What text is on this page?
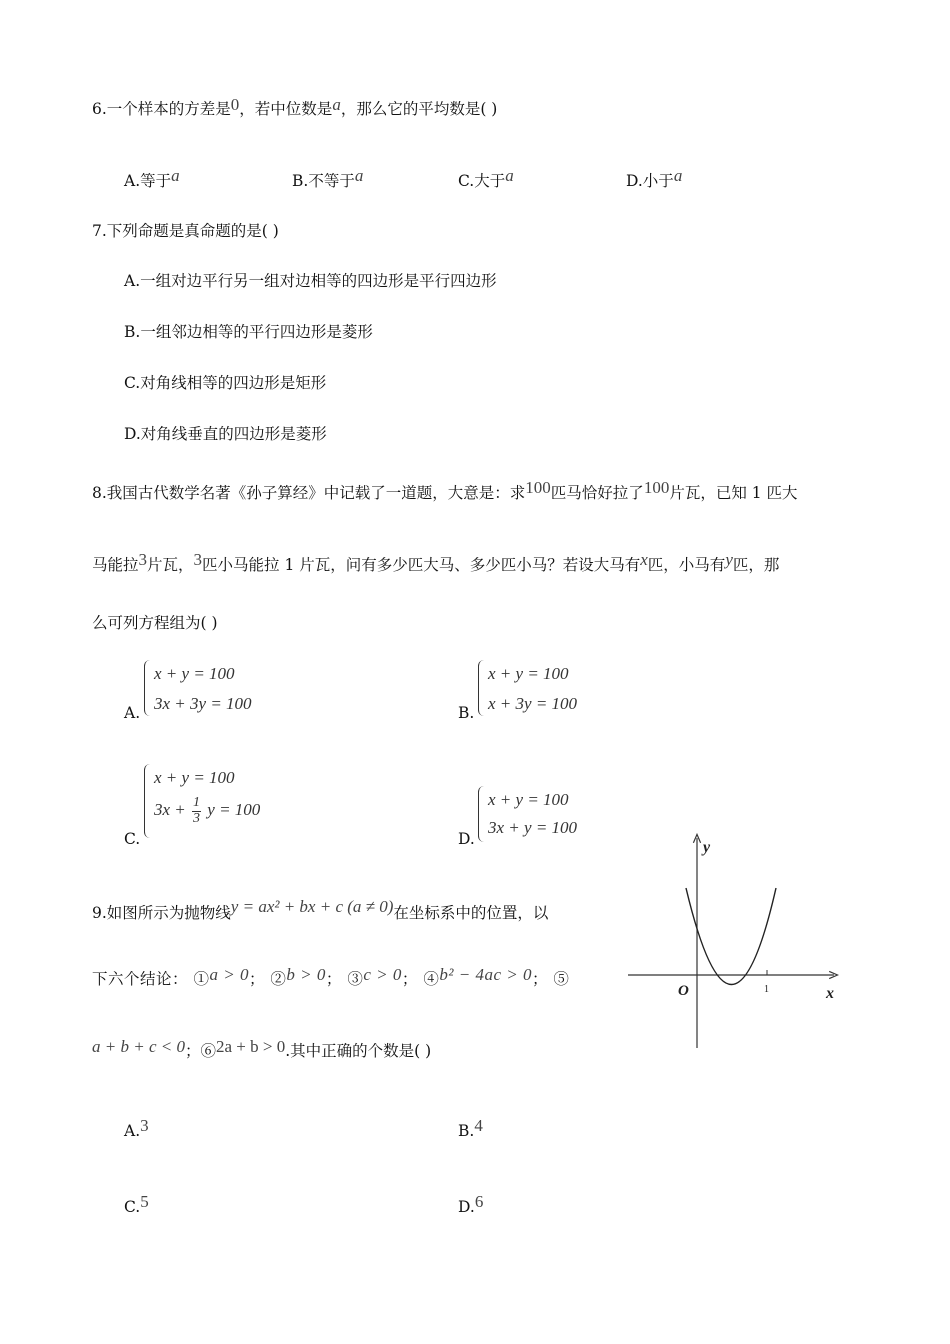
6.一个样本的方差是0，若中位数是a，那么它的平均数是( )
A.等于a	B.不等于a	C.大于a	D.小于a
7.下列命题是真命题的是( )
A.一组对边平行另一组对边相等的四边形是平行四边形
B.一组邻边相等的平行四边形是菱形
C.对角线相等的四边形是矩形
D.对角线垂直的四边形是菱形
8.我国古代数学名著《孙子算经》中记载了一道题，大意是：求100匹马恰好拉了100片瓦，已知 1 匹大
马能拉3片瓦，3匹小马能拉 1 片瓦，问有多少匹大马、多少匹小马？若设大马有x匹，小马有y匹，那
么可列方程组为( )
A.
x + y = 100
3x + 3y = 100	B.
x + y = 100
x + 3y = 100
C.
x + y = 100
$3x + \frac{1}{3}$ y = 100
D.
x + y = 100
3x + y = 100
9.如图所示为抛物线y = ax² + bx + c (a ≠ 0)在坐标系中的位置，以
下六个结论： ①a > 0； ②b > 0； ③c > 0； ④b² − 4ac > 0； ⑤
a + b + c < 0；⑥2a + b > 0.其中正确的个数是( )
y
x
O	1
A.3	B.4
C.5	D.6
